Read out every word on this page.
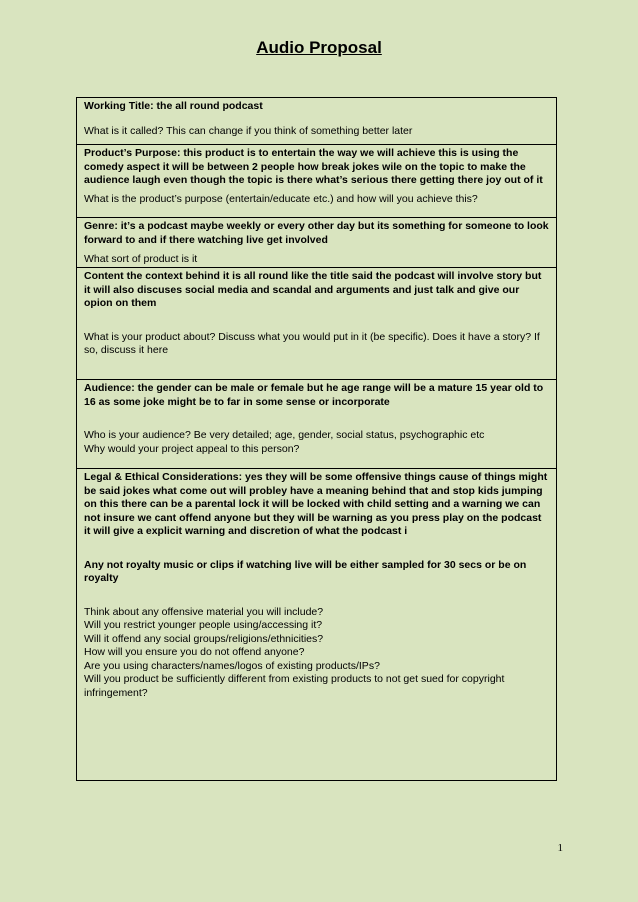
Audio Proposal
Working Title: the all round podcast
What is it called? This can change if you think of something better later
Product’s Purpose: this product is to entertain the way we will achieve this is using the comedy aspect it will be between 2 people how break jokes wile on the topic to make the audience laugh even though the topic is there what’s serious there getting there joy out of it
What is the product’s purpose (entertain/educate etc.) and how will you achieve this?
Genre: it’s a podcast maybe weekly or every other day but its something for someone to look forward to and if there watching live get involved
What sort of product is it
Content the context behind it is all round like the title said the podcast will involve story but it will also discuses social media and scandal and arguments and just talk and give our opion on them
What is your product about? Discuss what you would put in it (be specific). Does it have a story? If so, discuss it here
Audience: the gender can be male or female but he age range will be a mature 15 year old to 16 as some joke might be to far in some sense or incorporate
Who is your audience? Be very detailed; age, gender, social status, psychographic etc
Why would your project appeal to this person?
Legal & Ethical Considerations: yes they will be some offensive things cause of things might be said jokes what come out will probley have a meaning behind that and stop kids jumping on this there can be a parental lock it will be locked with child setting and a warning we can not insure we cant offend anyone but they will be warning as you press play on the podcast it will give a explicit warning and discretion of what the podcast i
Any not royalty music or clips if watching live will be either sampled for 30 secs or be on royalty
Think about any offensive material you will include?
Will you restrict younger people using/accessing it?
Will it offend any social groups/religions/ethnicities?
How will you ensure you do not offend anyone?
Are you using characters/names/logos of existing products/IPs?
Will you product be sufficiently different from existing products to not get sued for copyright infringement?
1
